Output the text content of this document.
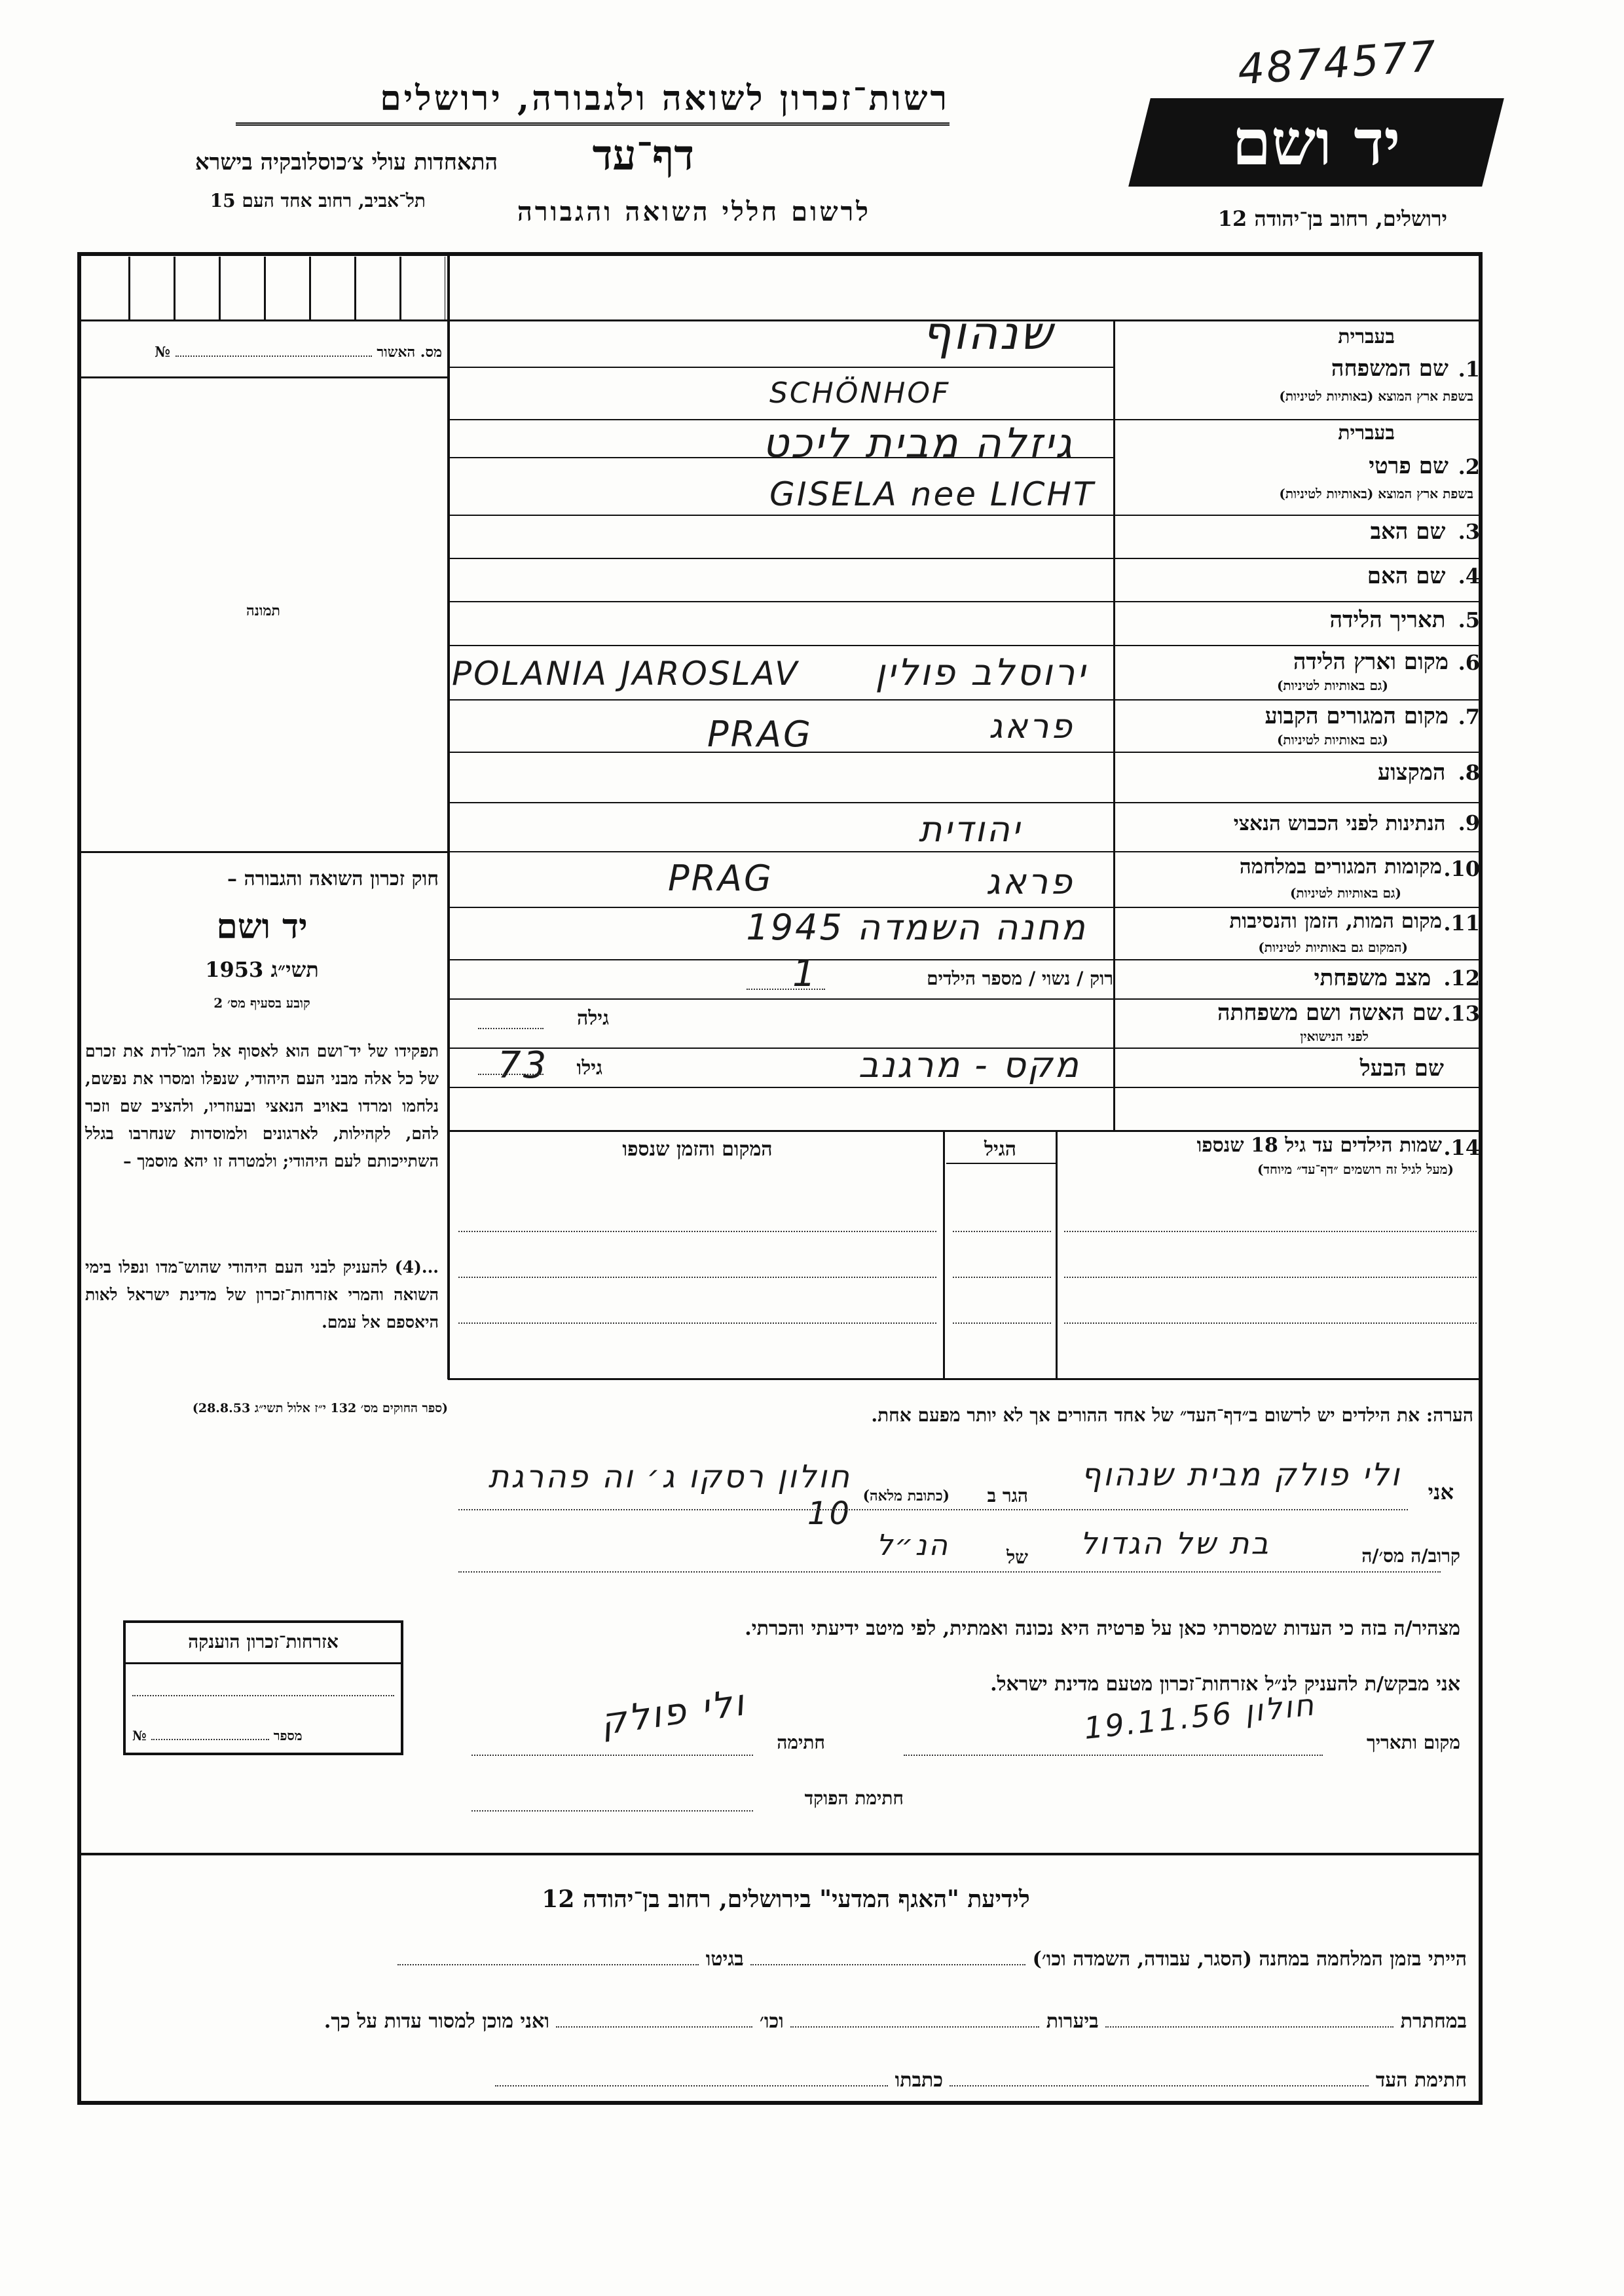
4874577
רשות־זכרון לשואה ולגבורה, ירושלים
יד ושם
דף־עד
התאחדות עולי צ׳כוסלובקיה בישרא
תל־אביב, רחוב אחד העם 15	לרשום חללי השואה והגבורה	ירושלים, רחוב בן־יהודה 12
מס. האשור  №
תמונה
חוק זכרון השואה והגבורה –
יד ושם
תשי״ג 1953
קובע בסעיף מס׳ 2
תפקידו של יד־ושם הוא לאסוף אל המו־לדת את זכרם של כל אלה מבני העם היהודי, שנפלו ומסרו את נפשם, נלחמו ומרדו באויב הנאצי ובעוזריו, ולהציב שם וזכר להם, לקהילות, לארגונים ולמוסדות שנחרבו בגלל השתייכותם לעם היהודי; ולמטרה זו יהא מוסמך –
...(4) להעניק לבני העם היהודי שהוש־מדו ונפלו בימי השואה והמרי אזרחות־זכרון של מדינת ישראל לאות היאספם אל עמם.
(ספר החוקים מס׳ 132 י״ז אלול תשי״ג 28.8.53)
בעברית
1.
שם המשפחה
בשפת ארץ המוצא (באותיות לטיניות)
שנהוף
SCHÖNHOF
בעברית
2.
שם פרטי
בשפת ארץ המוצא (באותיות לטיניות)
גיזלה מבית ליכט
GISELA nee LICHT
3. שם האב
4. שם האם
5. תאריך הלידה
6.
מקום וארץ הלידה
(גם באותיות לטיניות)
POLANIA JAROSLAV	ירוסלב פולין
7.
מקום המגורים הקבוע
(גם באותיות לטיניות)
PRAG	פראג
8. המקצוע
9. הנתינות לפני הכבוש הנאצי
יהודית
10.
מקומות המגורים במלחמה
(גם באותיות לטיניות)
PRAG	פראג
11.
מקום המות, הזמן והנסיבות
(המקום גם באותיות לטיניות)
מחנה השמדה 1945
12. מצב משפחתי
רוק / נשוי / מספר הילדים
1
13.
שם האשה ושם משפחתה
לפני הנישואין
גילה
שם הבעל
מקס - מרגנב
גילו
73
14.
שמות הילדים עד גיל 18 שנספו
(מעל לגיל זה רושמים ״דף־עד״ מיוחד)
הגיל
המקום והזמן שנספו
הערה: את הילדים יש לרשום ב״דף־העד״ של אחד ההורים אך לא יותר מפעם אחת.
אני
ולי פולק מבית שנהוף
הגר ב
(כתובת מלאה)
חולון רסקו ג׳ וה פהרגת 10
קרוב/ה מס׳/ה
בת של הגדול
של
הנ״ל
מצהיר/ה בזה כי העדות שמסרתי כאן על פרטיה היא נכונה ואמתית, לפי מיטב ידיעתי והכרתי.
אני מבקש/ת להעניק לנ״ל אזרחות־זכרון מטעם מדינת ישראל.
מקום ותאריך
חולון 19.11.56
חתימה
ולי פולק
חתימת הפוקד
אזרחות־זכרון הוענקה
№	מספר
לידיעת "האגף המדעי" בירושלים, רחוב בן־יהודה 12
הייתי בזמן המלחמה במחנה (הסגר, עבודה, השמדה וכו׳)  בגיטו
במחתרת  ביערות  וכו׳  ואני מוכן למסור עדות על כך.
חתימת העד  כתבתו
